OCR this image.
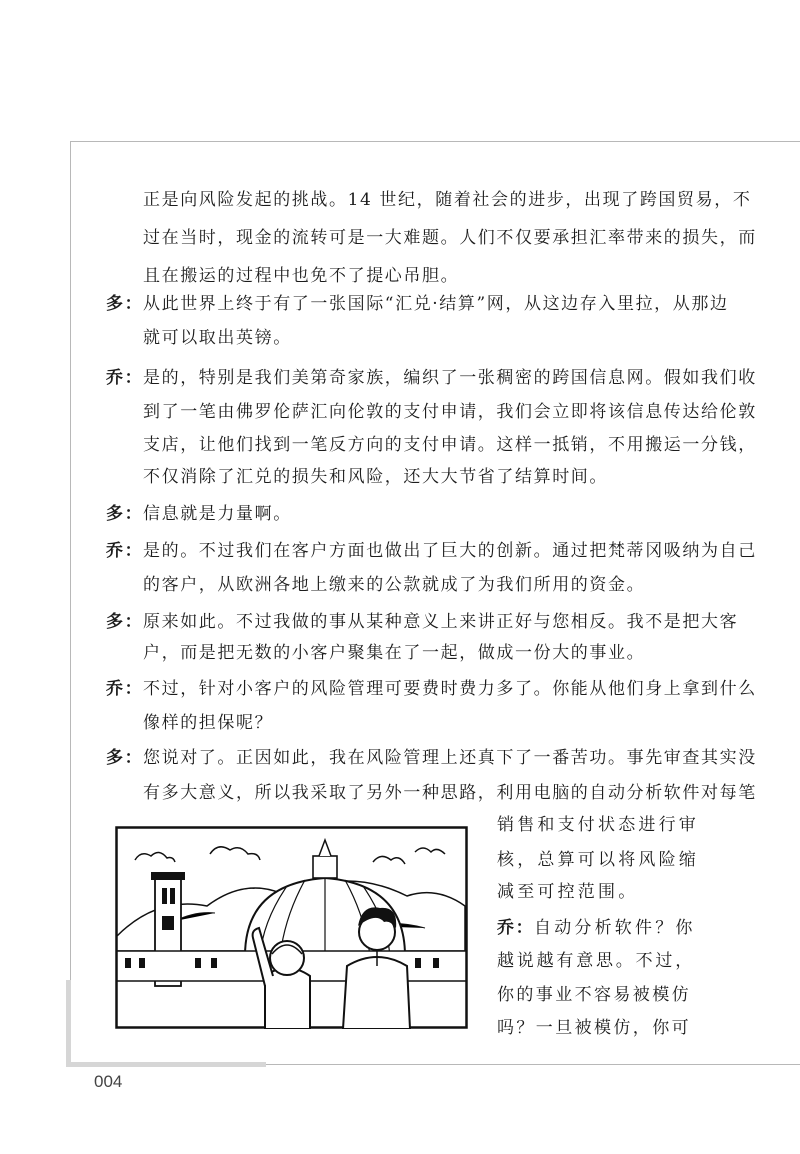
正是向风险发起的挑战。14 世纪，随着社会的进步，出现了跨国贸易，不
过在当时，现金的流转可是一大难题。人们不仅要承担汇率带来的损失，而
且在搬运的过程中也免不了提心吊胆。
多： 从此世界上终于有了一张国际“汇兑·结算”网，从这边存入里拉，从那边
就可以取出英镑。
乔： 是的，特别是我们美第奇家族，编织了一张稠密的跨国信息网。假如我们收
到了一笔由佛罗伦萨汇向伦敦的支付申请，我们会立即将该信息传达给伦敦
支店，让他们找到一笔反方向的支付申请。这样一抵销，不用搬运一分钱，
不仅消除了汇兑的损失和风险，还大大节省了结算时间。
多： 信息就是力量啊。
乔： 是的。不过我们在客户方面也做出了巨大的创新。通过把梵蒂冈吸纳为自己
的客户，从欧洲各地上缴来的公款就成了为我们所用的资金。
多： 原来如此。不过我做的事从某种意义上来讲正好与您相反。我不是把大客
户，而是把无数的小客户聚集在了一起，做成一份大的事业。
乔： 不过，针对小客户的风险管理可要费时费力多了。你能从他们身上拿到什么
像样的担保呢？
多： 您说对了。正因如此，我在风险管理上还真下了一番苦功。事先审查其实没
有多大意义，所以我采取了另外一种思路，利用电脑的自动分析软件对每笔
销售和支付状态进行审
核，总算可以将风险缩
减至可控范围。
乔： 自动分析软件？你
越说越有意思。不过，
你的事业不容易被模仿
吗？一旦被模仿，你可
004
